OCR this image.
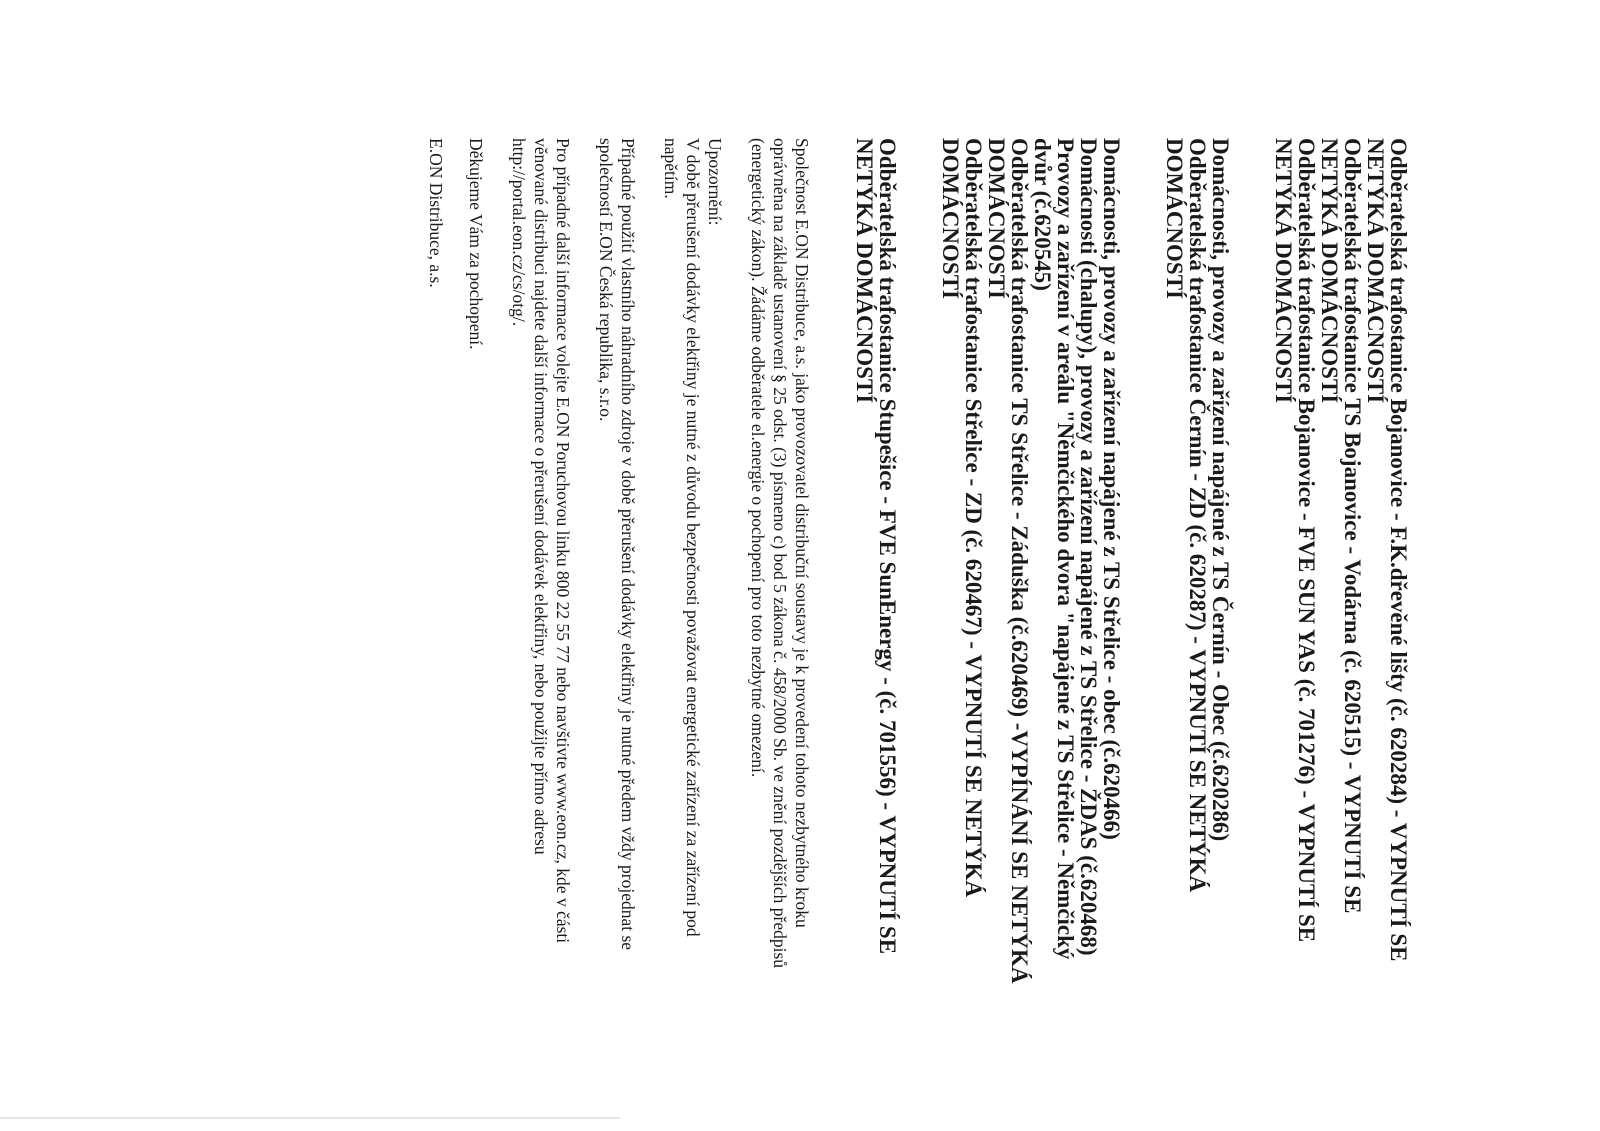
Odběratelská trafostanice Bojanovice - F.K.dřevěné lišty (č. 620284) - VYPNUTÍ SE NETÝKÁ DOMÁCNOSTÍ
Odběratelská trafostanice TS Bojanovice - Vodárna (č. 620515) - VYPNUTÍ SE NETÝKÁ DOMÁCNOSTÍ
Odběratelská trafostanice Bojanovice - FVE SUN YAS (č. 701276) - VYPNUTÍ SE NETÝKÁ DOMÁCNOSTÍ
Domácnosti, provozy a zařízení napájené z TS Černín - Obec (č.620286)
Odběratelská trafostanice Černín - ZD (č. 620287) - VYPNUTÍ SE NETÝKÁ DOMÁCNOSTÍ
Domácnosti, provozy a zařízení napájené z TS Střelice - obec (č.620466)
Domácnosti (chalupy), provozy a zařízení napájené z TS Střelice - ŽDAS (č.620468)
Provozy a zařízení v areálu "Němčického dvora "napájené z TS Střelice - Němčický dvůr (č.620545)
Odběratelská trafostanice TS Střelice - Záduška (č.620469) -VYPÍNÁNÍ SE NETÝKÁ DOMÁCNOSTÍ
Odběratelská trafostanice Střelice - ZD (č. 620467) - VYPNUTÍ SE NETÝKÁ DOMÁCNOSTÍ
Odběratelská trafostanice Stupešice - FVE SunEnergy - (č. 701556) - VYPNUTÍ SE NETÝKÁ DOMÁCNOSTÍ

Společnost E.ON Distribuce, a.s. jako provozovatel distribuční soustavy je k provedení tohoto nezbytného kroku oprávněna na základě ustanovení § 25 odst. (3) písmeno c) bod 5 zákona č. 458/2000 Sb. ve znění pozdějších předpisů (energetický zákon). Žádáme odběratele el.energie o pochopení pro toto nezbytné omezení.

Upozornění:
V době přerušení dodávky elektřiny je nutné z důvodu bezpečnosti považovat energetické zařízení za zařízení pod napětím.

Případné použití vlastního náhradního zdroje v době přerušení dodávky elektřiny je nutné předem vždy projednat se společností E.ON Česká republika, s.r.o.

Pro případné další informace volejte E.ON Poruchovou linku 800 22 55 77 nebo navštivte www.eon.cz, kde v části věnované distribuci najdete další informace o přerušení dodávek elektřiny, nebo použijte přímo adresu http://portal.eon.cz/cs/otg/.

Děkujeme Vám za pochopení.

E.ON Distribuce, a.s.
